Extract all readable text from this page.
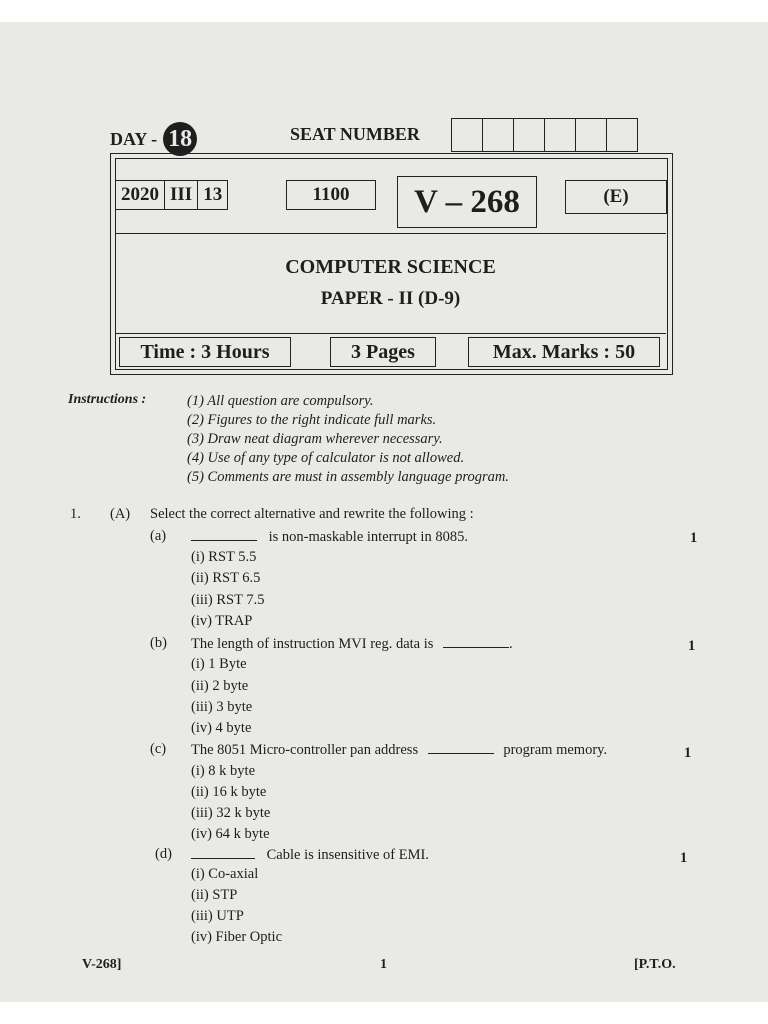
DAY - 18	SEAT NUMBER
2020 III 13	1100	V – 268	(E)
COMPUTER SCIENCE
PAPER - II (D-9)
Time : 3 Hours	3 Pages	Max. Marks : 50
Instructions :	(1) All question are compulsory.
(2) Figures to the right indicate full marks.
(3) Draw neat diagram wherever necessary.
(4) Use of any type of calculator is not allowed.
(5) Comments are must in assembly language program.
1. (A) Select the correct alternative and rewrite the following :
(a)	is non-maskable interrupt in 8085.	1
(i) RST 5.5
(ii) RST 6.5
(iii) RST 7.5
(iv) TRAP
(b) The length of instruction MVI reg. data is	.	1
(i) 1 Byte
(ii) 2 byte
(iii) 3 byte
(iv) 4 byte
(c) The 8051 Micro-controller pan address	program memory.	1
(i) 8 k byte
(ii) 16 k byte
(iii) 32 k byte
(iv) 64 k byte
(d)	Cable is insensitive of EMI.	1
(i) Co-axial
(ii) STP
(iii) UTP
(iv) Fiber Optic
V-268]	1	[P.T.O.
